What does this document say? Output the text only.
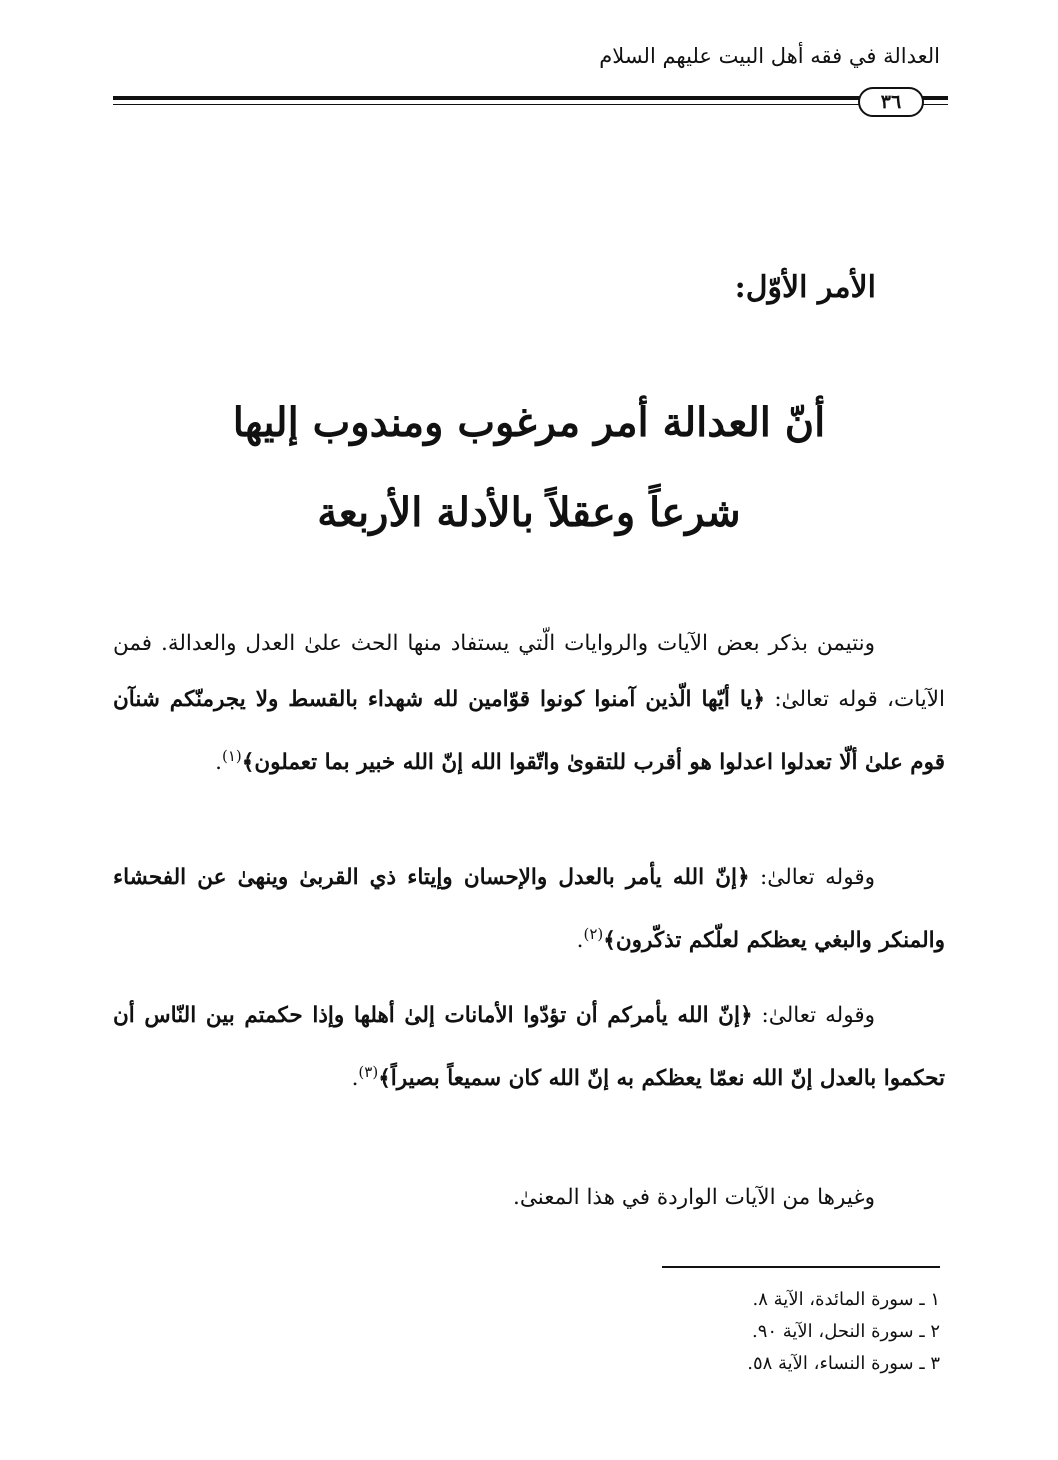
العدالة في فقه أهل البيت عليهم السلام
٣٦
الأمر الأوّل:
أنّ العدالة أمر مرغوب ومندوب إليها
شرعاً وعقلاً بالأدلة الأربعة

ونتيمن بذكر بعض الآيات والروايات الّتي يستفاد منها الحث علىٰ العدل والعدالة. فمن الآيات، قوله تعالىٰ: ﴿يا أيّها الّذين آمنوا كونوا قوّامين لله شهداء بالقسط ولا يجرمنّكم شنآن قوم علىٰ ألّا تعدلوا اعدلوا هو أقرب للتقوىٰ واتّقوا الله إنّ الله خبير بما تعملون﴾$^{(١)}$.

وقوله تعالىٰ: ﴿إنّ الله يأمر بالعدل والإحسان وإيتاء ذي القربىٰ وينهىٰ عن الفحشاء والمنكر والبغي يعظكم لعلّكم تذكّرون﴾$^{(٢)}$.

وقوله تعالىٰ: ﴿إنّ الله يأمركم أن تؤدّوا الأمانات إلىٰ أهلها وإذا حكمتم بين النّاس أن تحكموا بالعدل إنّ الله نعمّا يعظكم به إنّ الله كان سميعاً بصيراً﴾$^{(٣)}$.

وغيرها من الآيات الواردة في هذا المعنىٰ.

١ ـ سورة المائدة، الآية ٨.
٢ ـ سورة النحل، الآية ٩٠.
٣ ـ سورة النساء، الآية ٥٨.
